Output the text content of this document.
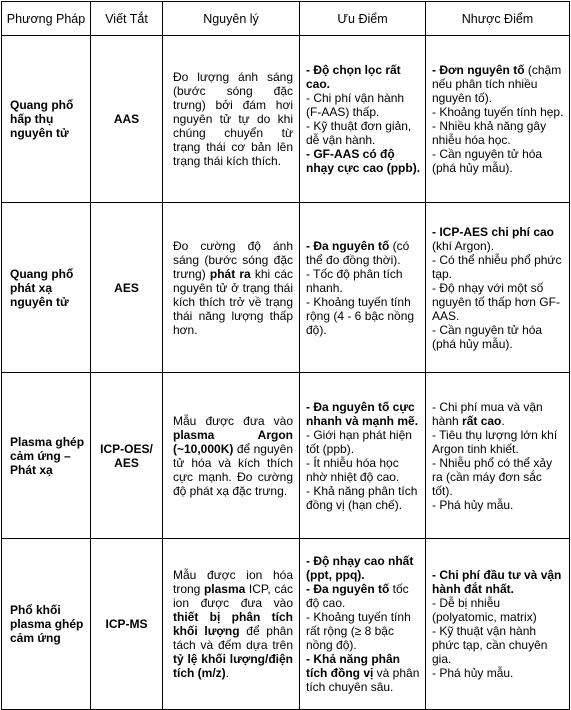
Phương Pháp	Viết Tắt	Nguyên lý	Ưu Điểm	Nhược Điểm
Quang phổ hấp thụ nguyên tử	AAS	Đo lượng ánh sáng (bước sóng đặc trưng) bởi đám hơi nguyên tử tự do khi chúng chuyển từ trạng thái cơ bản lên trạng thái kích thích.	- Độ chọn lọc rất cao.
- Chi phí vận hành (F-AAS) thấp.
- Kỹ thuật đơn giản, dễ vận hành.
- GF-AAS có độ nhạy cực cao (ppb).	- Đơn nguyên tố (chậm nếu phân tích nhiều nguyên tố).
- Khoảng tuyến tính hẹp.
- Nhiều khả năng gây nhiễu hóa học.
- Cần nguyên tử hóa (phá hủy mẫu).

Quang phổ phát xạ nguyên tử	AES	Đo cường độ ánh sáng (bước sóng đặc trưng) phát ra khi các nguyên tử ở trạng thái kích thích trở về trạng thái năng lượng thấp hơn.	- Đa nguyên tố (có thể đo đồng thời).
- Tốc độ phân tích nhanh.
- Khoảng tuyến tính rộng (4 - 6 bậc nồng độ).	- ICP-AES chi phí cao (khí Argon).
- Có thể nhiễu phổ phức tạp.
- Độ nhạy với một số nguyên tố thấp hơn GF-AAS.
- Cần nguyên tử hóa (phá hủy mẫu).

Plasma ghép cảm ứng – Phát xạ	ICP-OES/ AES	Mẫu được đưa vào plasma Argon (~10,000K) để nguyên tử hóa và kích thích cực mạnh. Đo cường độ phát xạ đặc trưng.	- Đa nguyên tố cực nhanh và mạnh mẽ.
- Giới hạn phát hiện tốt (ppb).
- Ít nhiễu hóa học nhờ nhiệt độ cao.
- Khả năng phân tích đồng vị (hạn chế).	- Chi phí mua và vận hành rất cao.
- Tiêu thụ lượng lớn khí Argon tinh khiết.
- Nhiễu phổ có thể xảy ra (cần máy đơn sắc tốt).
- Phá hủy mẫu.

Phổ khối plasma ghép cảm ứng	ICP-MS	Mẫu được ion hóa trong plasma ICP, các ion được đưa vào thiết bị phân tích khối lượng để phân tách và đếm dựa trên tỷ lệ khối lượng/điện tích (m/z).	- Độ nhạy cao nhất (ppt, ppq).
- Đa nguyên tố tốc độ cao.
- Khoảng tuyến tính rất rộng (≥ 8 bậc nồng độ).
- Khả năng phân tích đồng vị và phân tích chuyên sâu.	- Chi phí đầu tư và vận hành đắt nhất.
- Dễ bị nhiễu (polyatomic, matrix)
- Kỹ thuật vận hành phức tạp, cần chuyên gia.
- Phá hủy mẫu.
